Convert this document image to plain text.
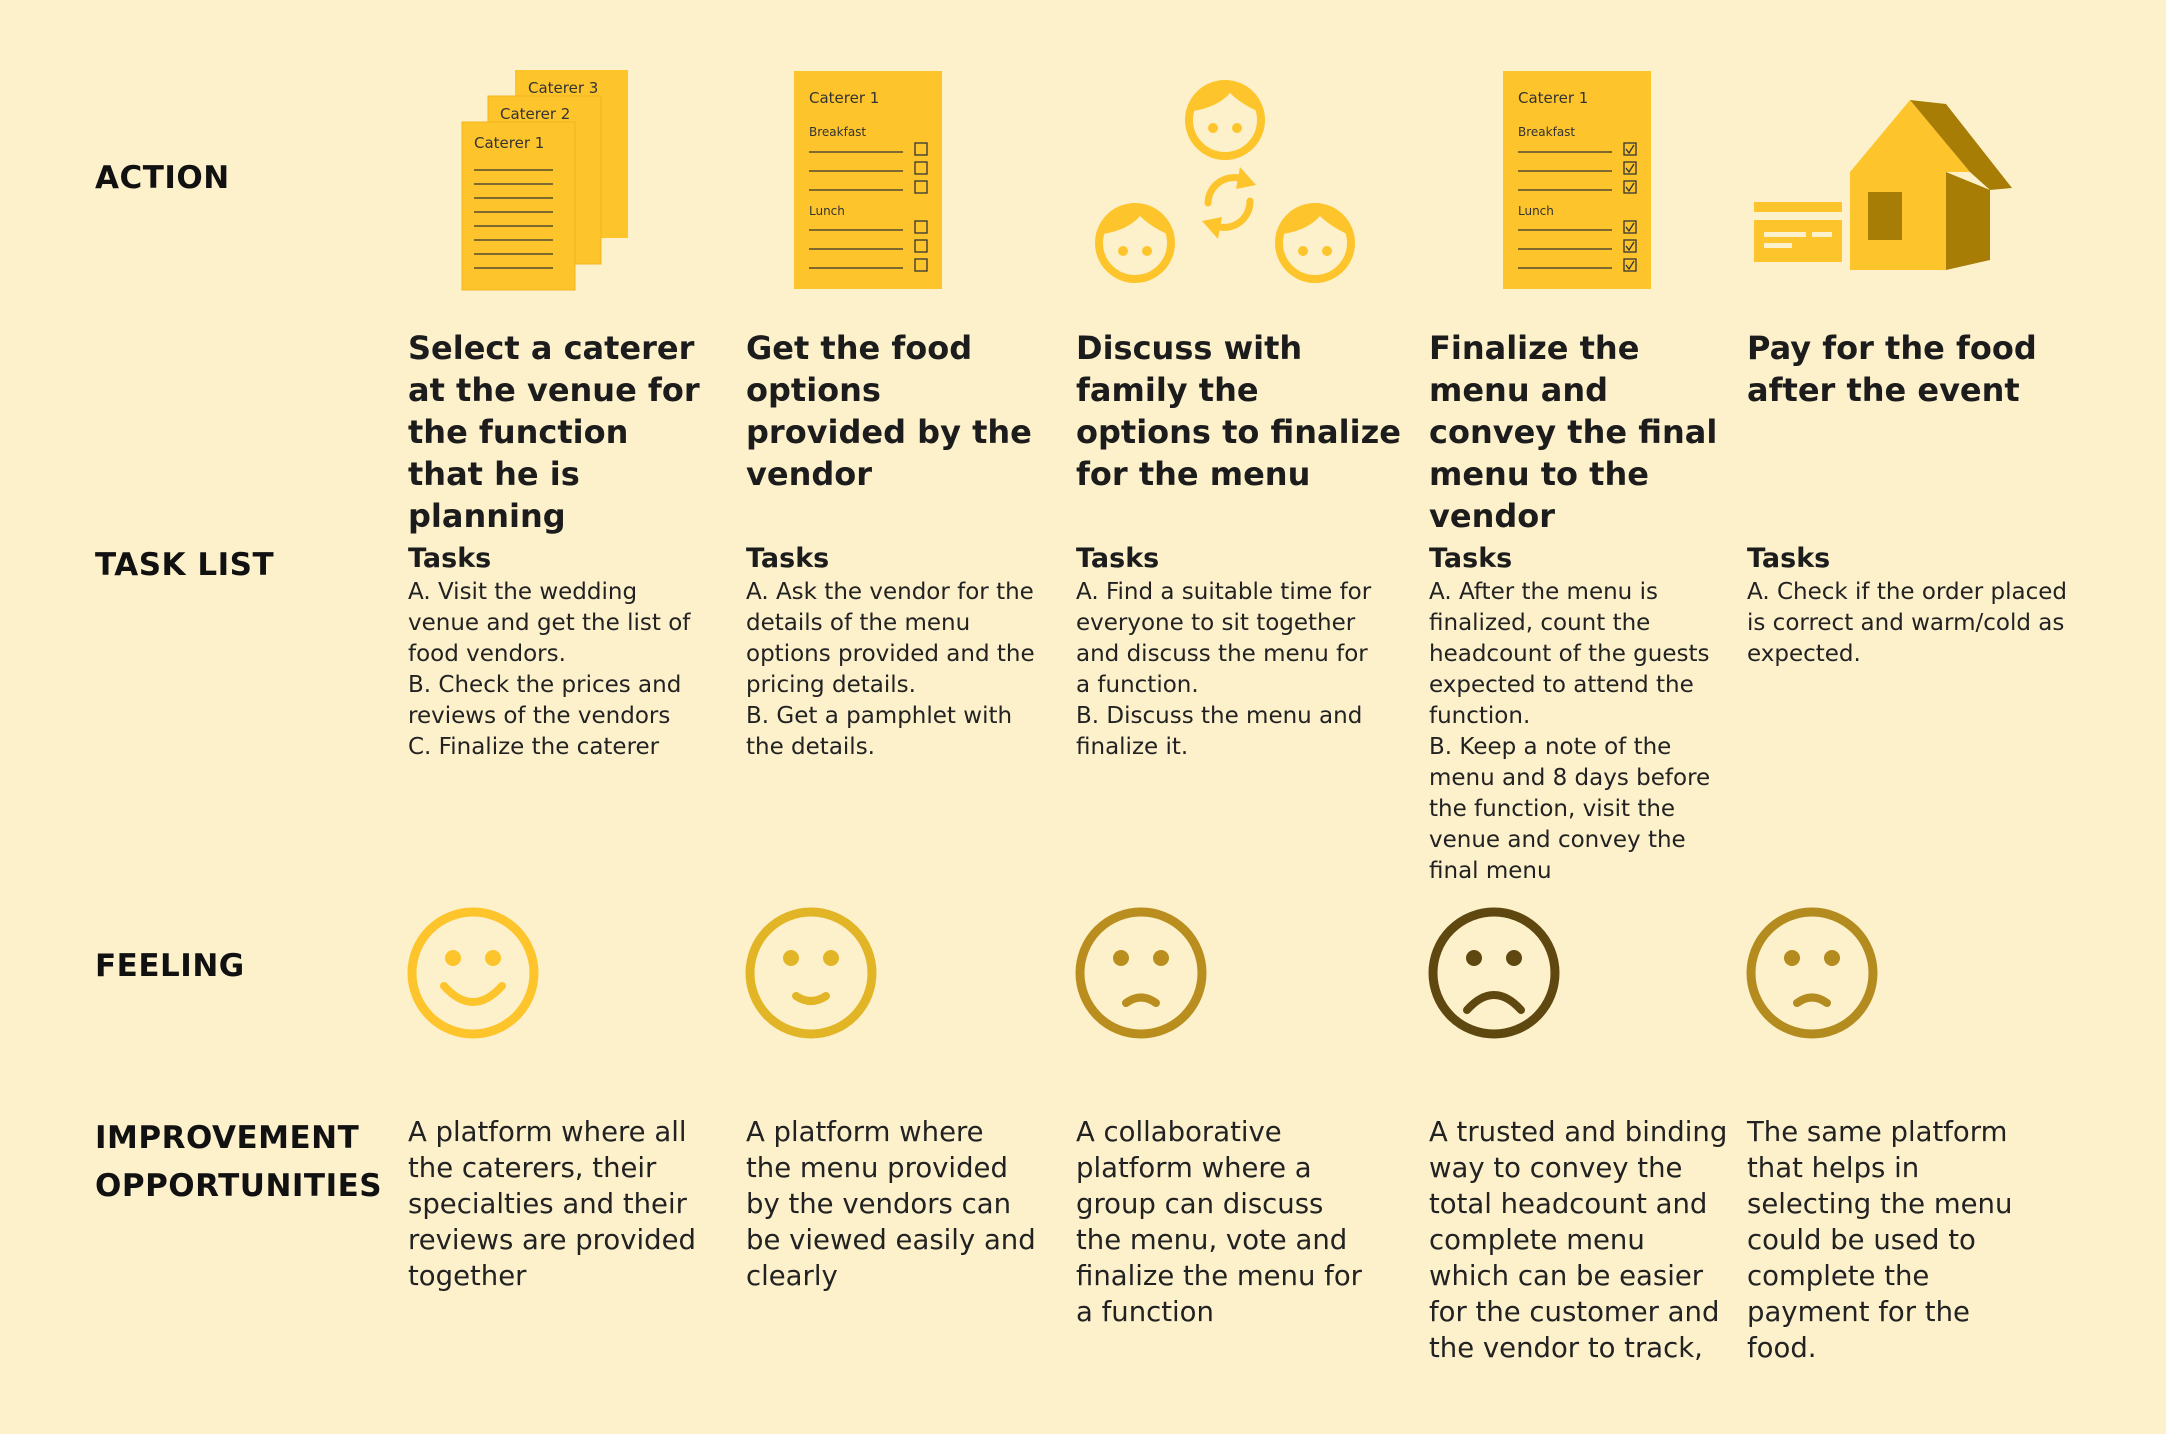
ACTION
TASK LIST
FEELING
IMPROVEMENT
OPPORTUNITIES
Caterer 3
Caterer 2
Caterer 1
Caterer 1
Breakfast
Lunch
Caterer 1
Breakfast
Lunch

Select a caterer at the venue for the function that he is planning

Tasks

A. Visit the wedding venue and get the list of food vendors.
B. Check the prices and reviews of the vendors
C. Finalize the caterer

A platform where all the caterers, their specialties and their reviews are provided together

Get the food options provided by the vendor

Tasks

A. Ask the vendor for the details of the menu options provided and the pricing details.
B. Get a pamphlet with the details.

A platform where the menu provided by the vendors can be viewed easily and clearly

Discuss with family the options to finalize for the menu

Tasks

A. Find a suitable time for everyone to sit together and discuss the menu for a function.
B. Discuss the menu and finalize it.

A collaborative platform where a group can discuss the menu, vote and finalize the menu for a function

Finalize the menu and convey the final menu to the vendor

Tasks

A. After the menu is finalized, count the headcount of the guests expected to attend the function.
B. Keep a note of the menu and 8 days before the function, visit the venue and convey the final menu

A trusted and binding way to convey the total headcount and complete menu which can be easier for the customer and the vendor to track,

Pay for the food after the event

Tasks

A. Check if the order placed is correct and warm/cold as expected.

The same platform that helps in selecting the menu could be used to complete the payment for the food.
